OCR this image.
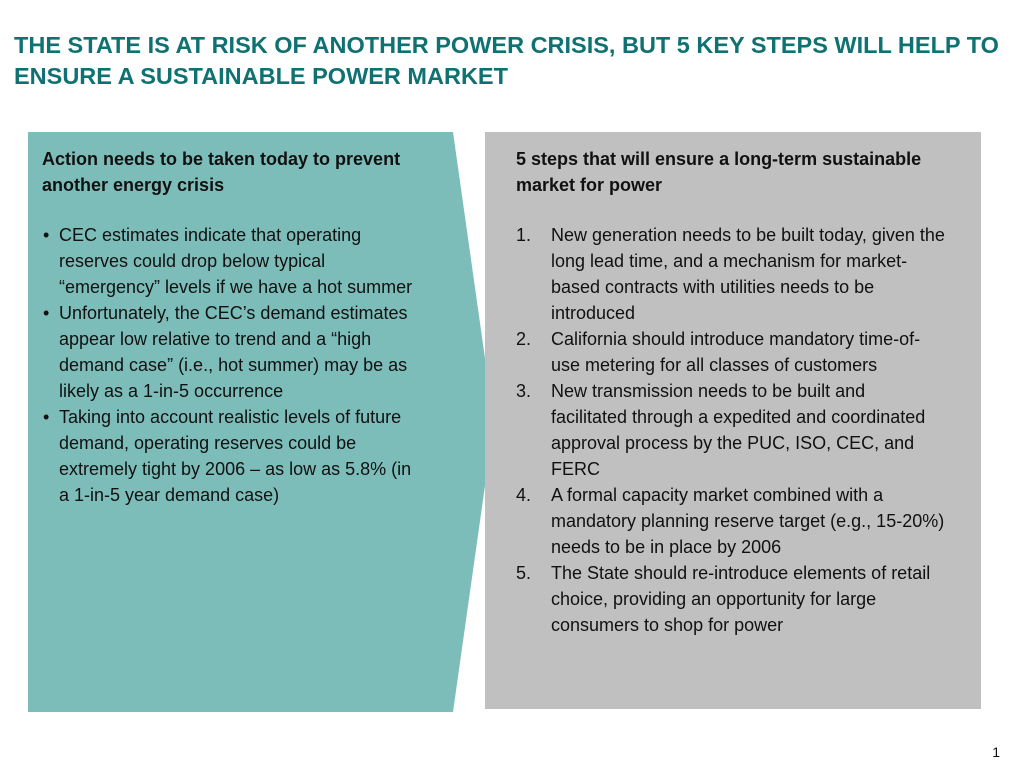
THE STATE IS AT RISK OF ANOTHER POWER CRISIS, BUT 5 KEY STEPS WILL HELP TO ENSURE A SUSTAINABLE POWER MARKET

Action needs to be taken today to prevent another energy crisis

• CEC estimates indicate that operating reserves could drop below typical “emergency” levels if we have a hot summer
• Unfortunately, the CEC’s demand estimates appear low relative to trend and a “high demand case” (i.e., hot summer) may be as likely as a 1-in-5 occurrence
• Taking into account realistic levels of future demand, operating reserves could be extremely tight by 2006 – as low as 5.8% (in a 1-in-5 year demand case)

5 steps that will ensure a long-term sustainable market for power

1. New generation needs to be built today, given the long lead time, and a mechanism for market-based contracts with utilities needs to be introduced
2. California should introduce mandatory time-of-use metering for all classes of customers
3. New transmission needs to be built and facilitated through a expedited and coordinated approval process by the PUC, ISO, CEC, and FERC
4. A formal capacity market combined with a mandatory planning reserve target (e.g., 15-20%) needs to be in place by 2006
5. The State should re-introduce elements of retail choice, providing an opportunity for large consumers to shop for power
1
